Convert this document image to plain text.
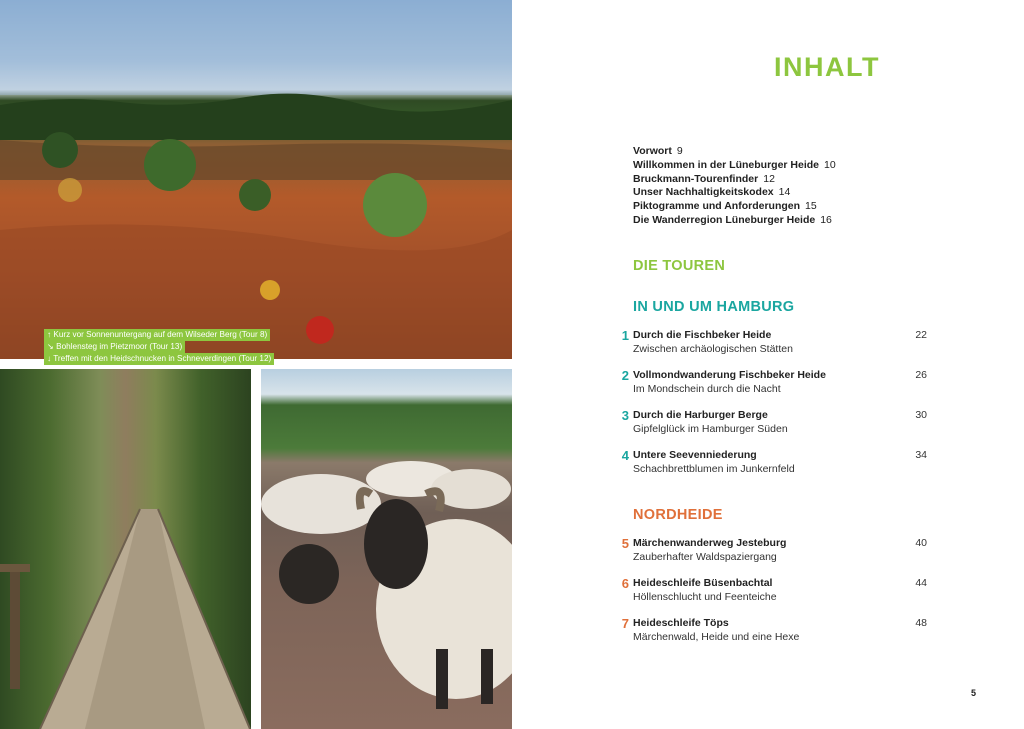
↑ Kurz vor Sonnenuntergang auf dem Wilseder Berg (Tour 8)
↘ Bohlensteg im Pietzmoor (Tour 13)
↓ Treffen mit den Heidschnucken in Schneverdingen (Tour 12)
INHALT
Vorwort 9
Willkommen in der Lüneburger Heide 10
Bruckmann-Tourenfinder 12
Unser Nachhaltigkeitskodex 14
Piktogramme und Anforderungen 15
Die Wanderregion Lüneburger Heide 16
DIE TOUREN
IN UND UM HAMBURG
1 Durch die Fischbeker Heide
Zwischen archäologischen Stätten
22
2 Vollmondwanderung Fischbeker Heide
Im Mondschein durch die Nacht
26
3 Durch die Harburger Berge
Gipfelglück im Hamburger Süden
30
4 Untere Seevenniederung
Schachbrettblumen im Junkernfeld
34
NORDHEIDE
5 Märchenwanderweg Jesteburg
Zauberhafter Waldspaziergang
40
6 Heideschleife Büsenbachtal
Höllenschlucht und Feenteiche
44
7 Heideschleife Töps
Märchenwald, Heide und eine Hexe
48
5
